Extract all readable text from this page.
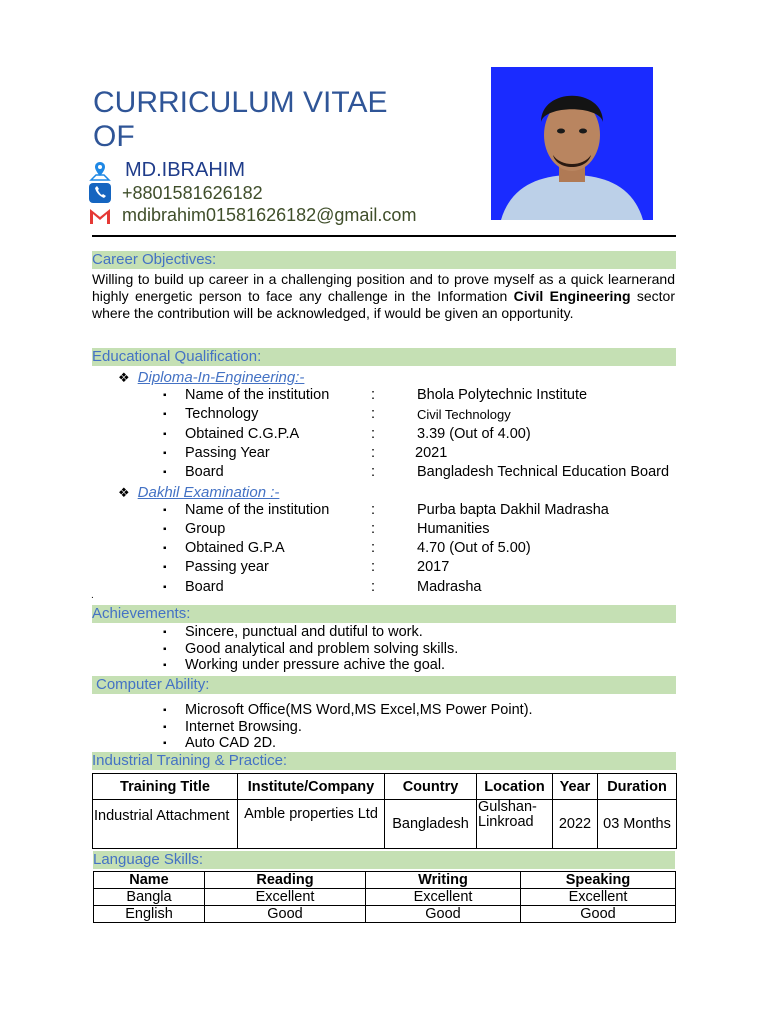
CURRICULUM VITAE
OF
MD.IBRAHIM
+8801581626182
mdibrahim01581626182@gmail.com
Career Objectives:
Willing to build up career in a challenging position and to prove myself as a quick learnerand highly energetic person to face any challenge in the Information Civil Engineering sector where the contribution will be acknowledged, if would be given an opportunity.
Educational Qualification:
❖ Diploma-In-Engineering:-
▪ Name of the institution	:	Bhola Polytechnic Institute
▪ Technology	:	Civil Technology
▪ Obtained C.G.P.A	:	3.39 (Out of 4.00)
▪ Passing Year	:	2021
▪ Board	:	Bangladesh Technical Education Board
❖ Dakhil Examination :-
▪ Name of the institution	:	Purba bapta Dakhil Madrasha
▪ Group	:	Humanities
▪ Obtained G.P.A	:	4.70 (Out of 5.00)
▪ Passing year	:	2017
▪ Board	:	Madrasha
.
Achievements:
▪ Sincere, punctual and dutiful to work.
▪ Good analytical and problem solving skills.
▪ Working under pressure achive the goal.
Computer Ability:
▪ Microsoft Office(MS Word,MS Excel,MS Power Point).
▪ Internet Browsing.
▪ Auto CAD 2D.
Industrial Training & Practice:
Training Title	Institute/Company	Country	Location	Year	Duration
Industrial Attachment	Amble properties Ltd	Bangladesh	Gulshan-Linkroad	2022	03 Months
Language Skills:
Name	Reading	Writing	Speaking
Bangla	Excellent	Excellent	Excellent
English	Good	Good	Good
